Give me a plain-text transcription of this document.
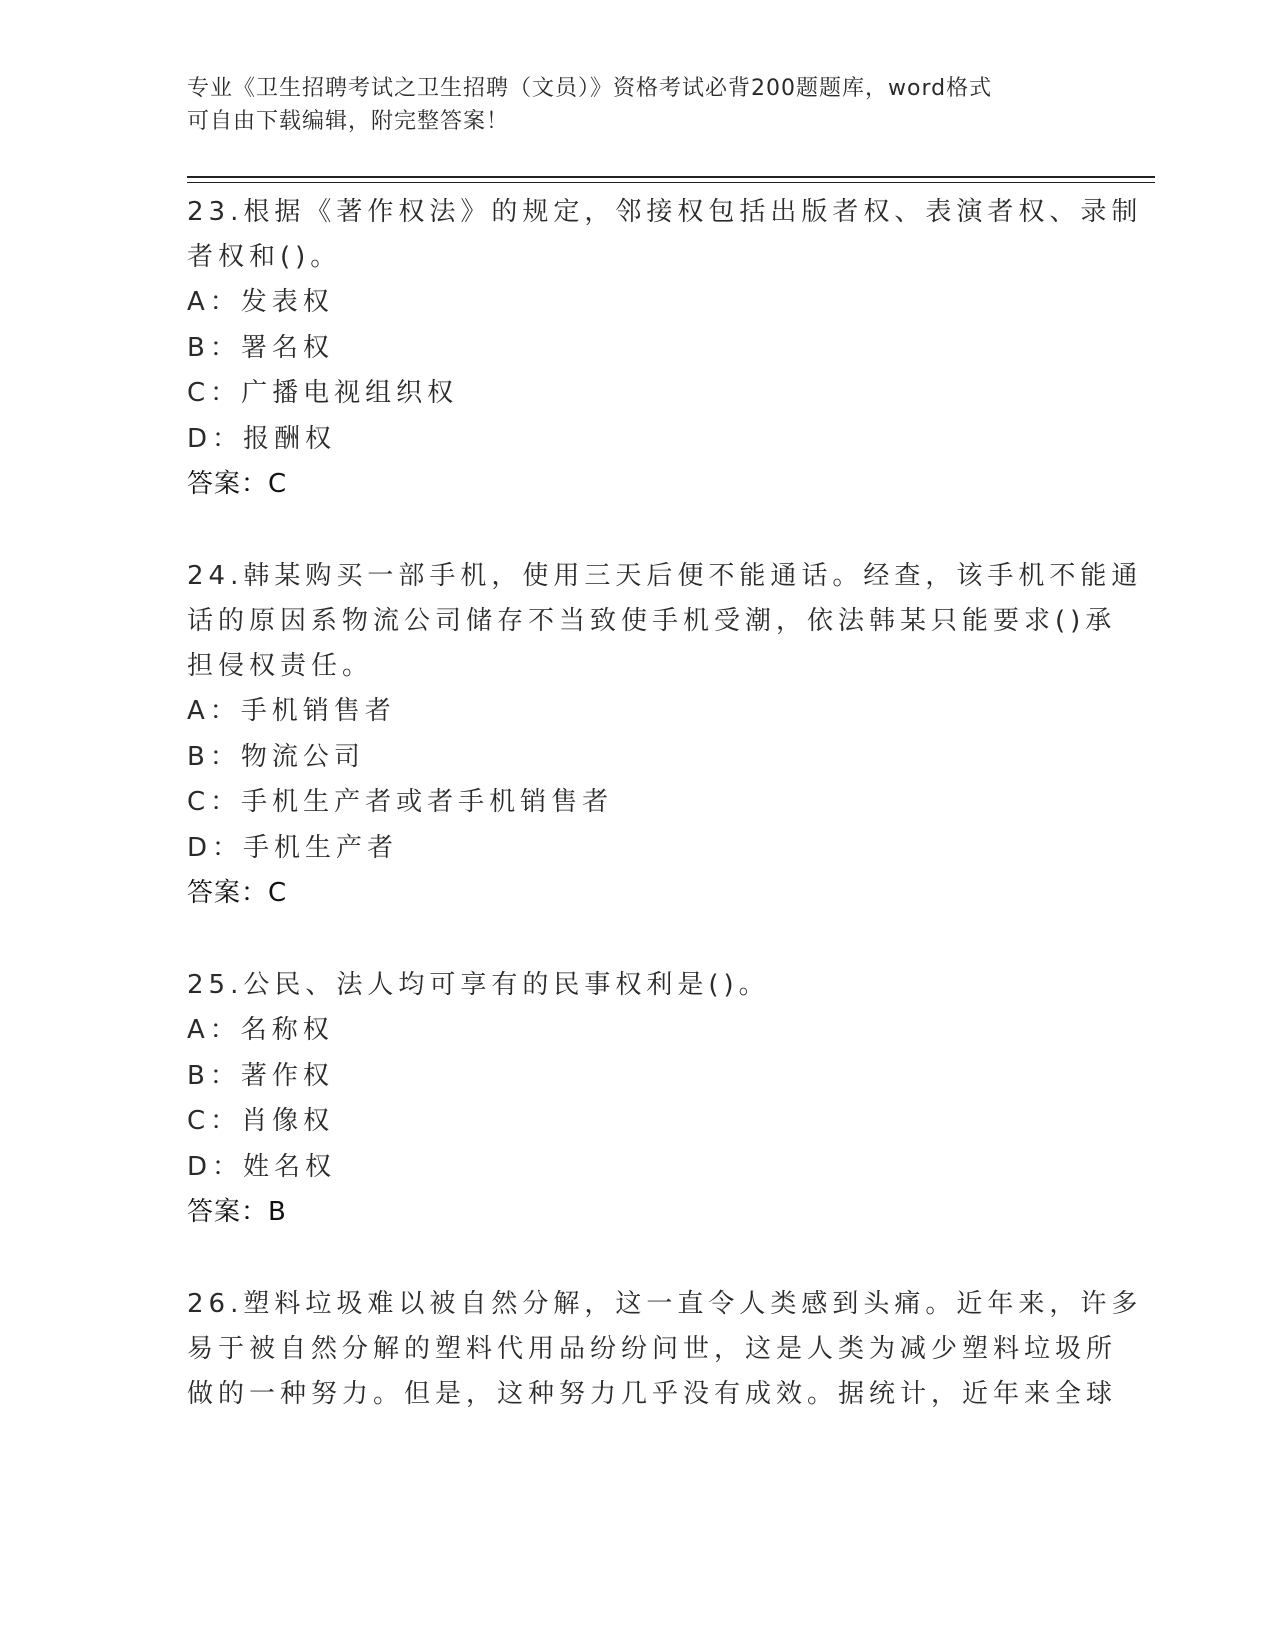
专业《卫生招聘考试之卫生招聘（文员）》资格考试必背200题题库，word格式
可自由下载编辑，附完整答案！
23.根据《著作权法》的规定，邻接权包括出版者权、表演者权、录制
者权和()。
A：发表权
B：署名权
C：广播电视组织权
D：报酬权
答案：C
24.韩某购买一部手机，使用三天后便不能通话。经查，该手机不能通
话的原因系物流公司储存不当致使手机受潮，依法韩某只能要求()承
担侵权责任。
A：手机销售者
B：物流公司
C：手机生产者或者手机销售者
D：手机生产者
答案：C
25.公民、法人均可享有的民事权利是()。
A：名称权
B：著作权
C：肖像权
D：姓名权
答案：B
26.塑料垃圾难以被自然分解，这一直令人类感到头痛。近年来，许多
易于被自然分解的塑料代用品纷纷问世，这是人类为减少塑料垃圾所
做的一种努力。但是，这种努力几乎没有成效。据统计，近年来全球
